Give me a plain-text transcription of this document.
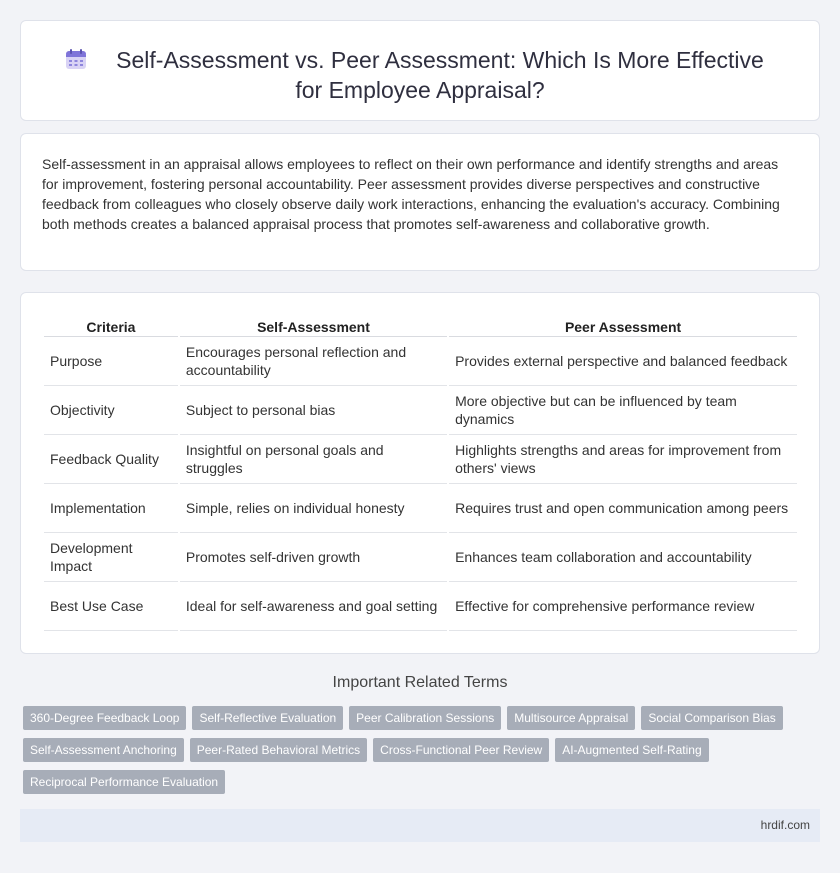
Self-Assessment vs. Peer Assessment: Which Is More Effective
for Employee Appraisal?

Self-assessment in an appraisal allows employees to reflect on their own performance and identify strengths and areas for improvement, fostering personal accountability. Peer assessment provides diverse perspectives and constructive feedback from colleagues who closely observe daily work interactions, enhancing the evaluation's accuracy. Combining both methods creates a balanced appraisal process that promotes self-awareness and collaborative growth.

Criteria	Self-Assessment	Peer Assessment
Purpose	Encourages personal reflection and accountability	Provides external perspective and balanced feedback
Objectivity	Subject to personal bias	More objective but can be influenced by team dynamics
Feedback Quality	Insightful on personal goals and struggles	Highlights strengths and areas for improvement from others' views
Implementation	Simple, relies on individual honesty	Requires trust and open communication among peers
Development Impact	Promotes self-driven growth	Enhances team collaboration and accountability
Best Use Case	Ideal for self-awareness and goal setting	Effective for comprehensive performance review
Important Related Terms
360-Degree Feedback Loop	Self-Reflective Evaluation	Peer Calibration Sessions	Multisource Appraisal	Social Comparison Bias
Self-Assessment Anchoring	Peer-Rated Behavioral Metrics	Cross-Functional Peer Review	AI-Augmented Self-Rating
Reciprocal Performance Evaluation
hrdif.com
